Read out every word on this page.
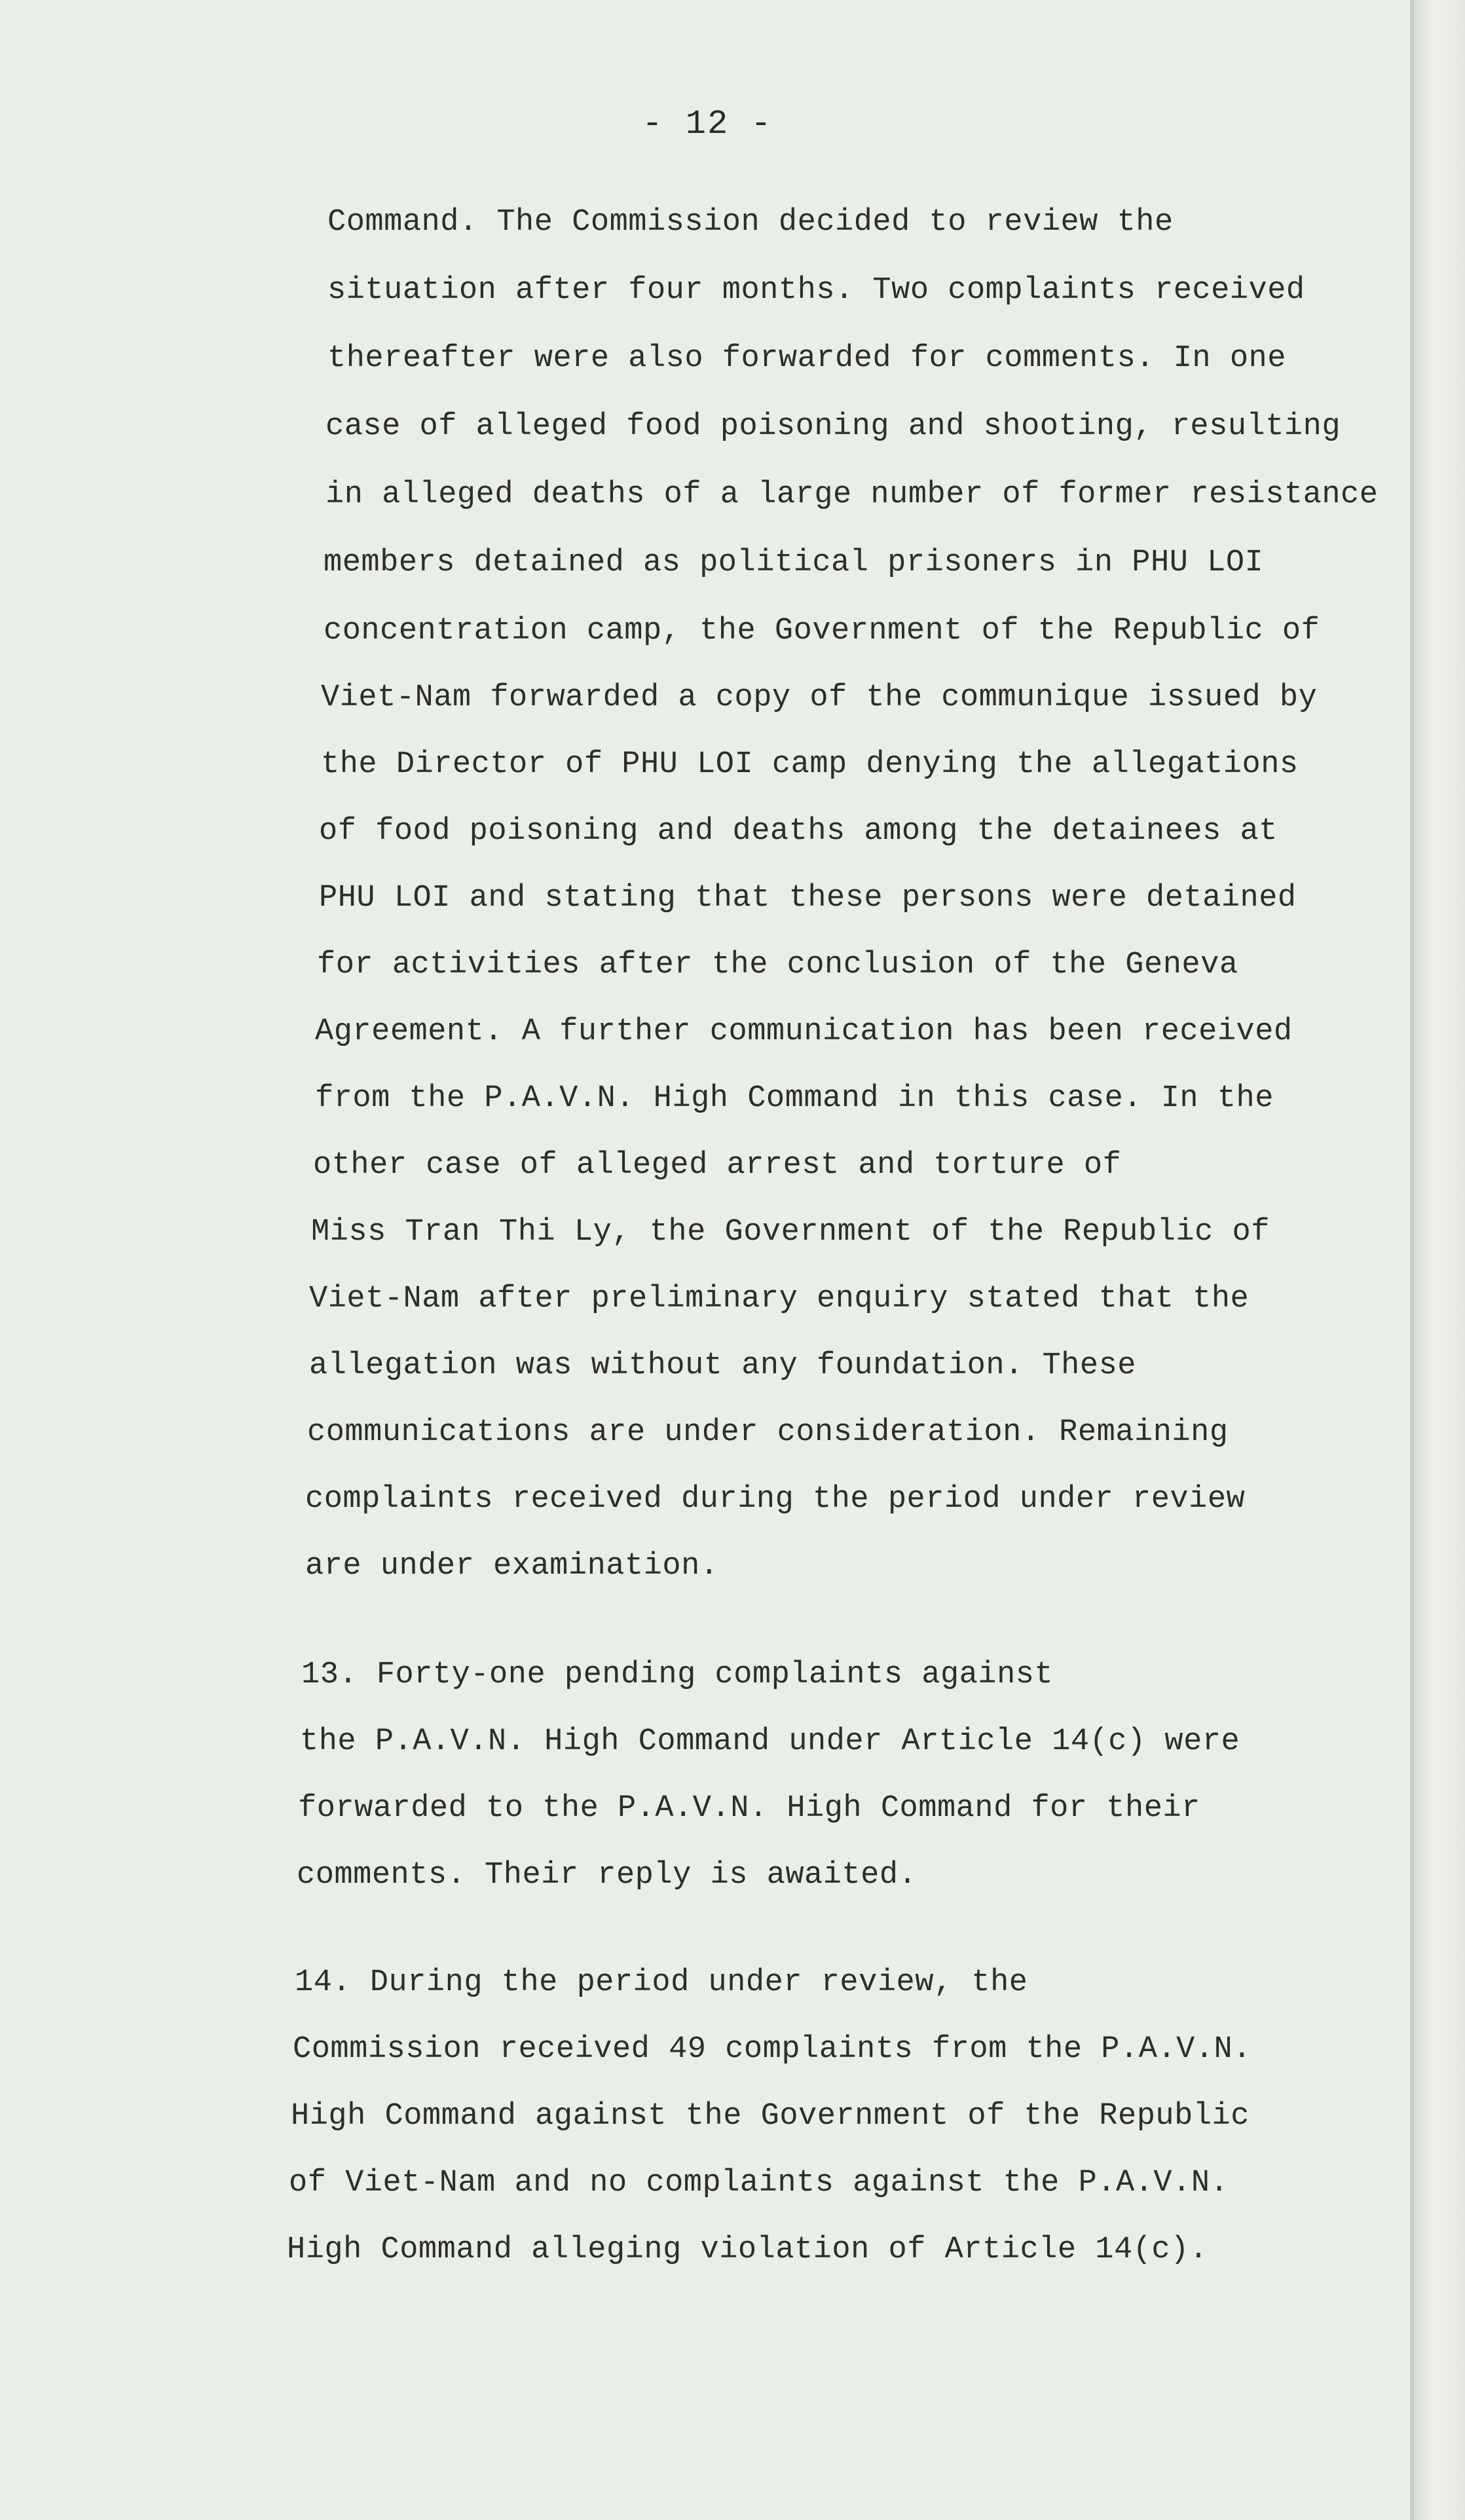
- 12 -
Command. The Commission decided to review the
situation after four months. Two complaints received
thereafter were also forwarded for comments. In one
case of alleged food poisoning and shooting, resulting
in alleged deaths of a large number of former resistance
members detained as political prisoners in PHU LOI
concentration camp, the Government of the Republic of
Viet-Nam forwarded a copy of the communique issued by
the Director of PHU LOI camp denying the allegations
of food poisoning and deaths among the detainees at
PHU LOI and stating that these persons were detained
for activities after the conclusion of the Geneva
Agreement. A further communication has been received
from the P.A.V.N. High Command in this case. In the
other case of alleged arrest and torture of
Miss Tran Thi Ly, the Government of the Republic of
Viet-Nam after preliminary enquiry stated that the
allegation was without any foundation. These
communications are under consideration. Remaining
complaints received during the period under review
are under examination.
13. Forty-one pending complaints against
the P.A.V.N. High Command under Article 14(c) were
forwarded to the P.A.V.N. High Command for their
comments. Their reply is awaited.
14. During the period under review, the
Commission received 49 complaints from the P.A.V.N.
High Command against the Government of the Republic
of Viet-Nam and no complaints against the P.A.V.N.
High Command alleging violation of Article 14(c).
